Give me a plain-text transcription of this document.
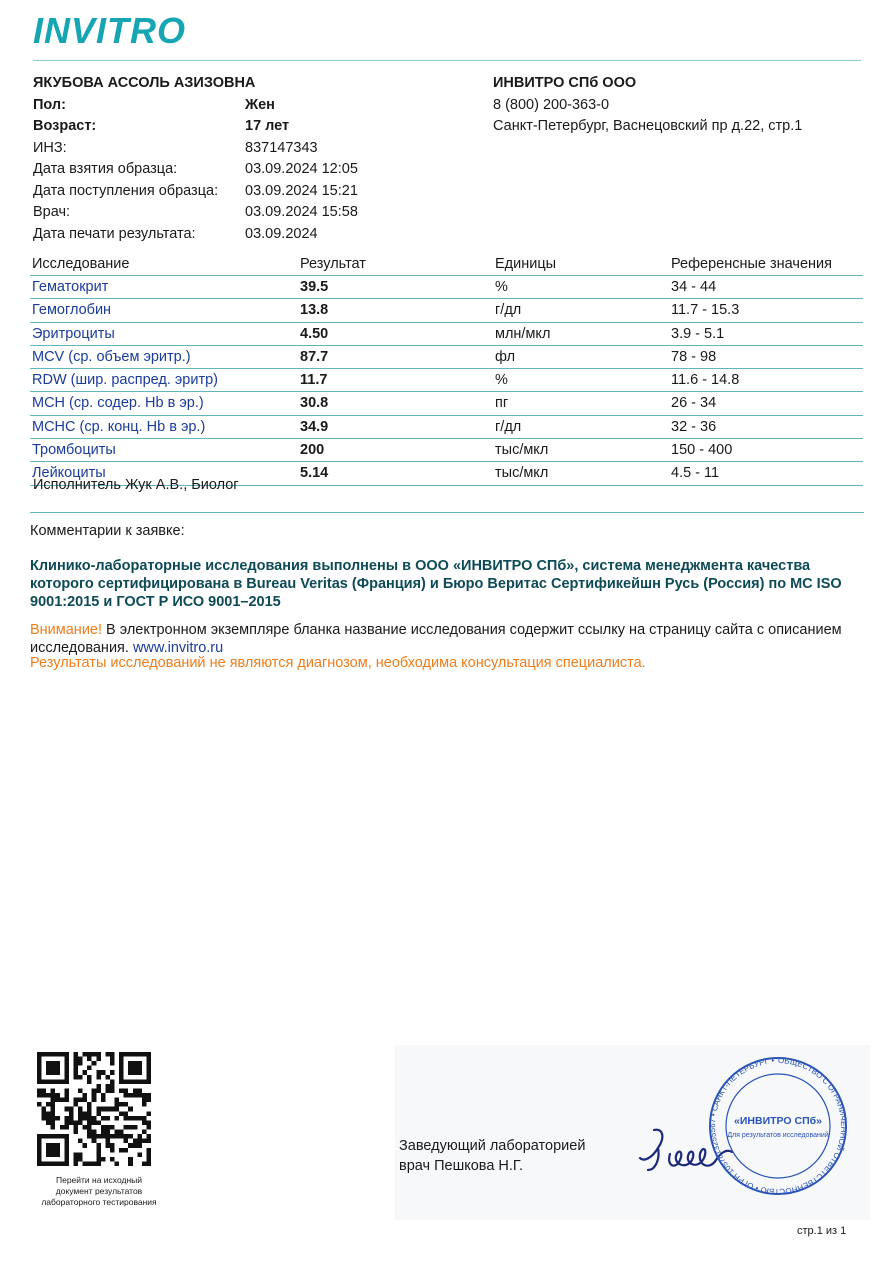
INVITRO
ЯКУБОВА АССОЛЬ АЗИЗОВНА
Пол:	Жен
Возраст:	17 лет
ИНЗ:	837147343
Дата взятия образца:	03.09.2024 12:05
Дата поступления образца: 03.09.2024 15:21
Врач:	03.09.2024 15:58
Дата печати результата:	03.09.2024
ИНВИТРО СПб ООО
8 (800) 200-363-0
Санкт-Петербург, Васнецовский пр д.22, стр.1
Исследование	Результат	Единицы	Референсные значения
Гематокрит	39.5	%	34 - 44
Гемоглобин	13.8	г/дл	11.7 - 15.3
Эритроциты	4.50	млн/мкл	3.9 - 5.1
MCV (ср. объем эритр.)	87.7	фл	78 - 98
RDW (шир. распред. эритр)	11.7	%	11.6 - 14.8
MCH (ср. содер. Hb в эр.)	30.8	пг	26 - 34
MCHC (ср. конц. Hb в эр.)	34.9	г/дл	32 - 36
Тромбоциты	200	тыс/мкл	150 - 400
Лейкоциты	5.14	тыс/мкл	4.5 - 11
Исполнитель Жук А.В., Биолог
Комментарии к заявке:
Клинико-лабораторные исследования выполнены в ООО «ИНВИТРО СПб», система менеджмента качества которого сертифицирована в Bureau Veritas (Франция) и Бюро Веритас Сертификейшн Русь (Россия) по МС ISO 9001:2015 и ГОСТ Р ИСО 9001–2015
Внимание! В электронном экземпляре бланка название исследования содержит ссылку на страницу сайта с описанием исследования. www.invitro.ru
Результаты исследований не являются диагнозом, необходима консультация специалиста.
Перейти на исходный документ результатов лабораторного тестирования
Заведующий лабораторией
врач Пешкова Н.Г.
ОБЩЕСТВО С ОГРАНИЧЕННОЙ ОТВЕТСТВЕННОСТЬЮ • ОГРН 1057813255567 • САНКТ-ПЕТЕРБУРГ •
«ИНВИТРО СПб»
Для результатов исследований
стр.1 из 1
